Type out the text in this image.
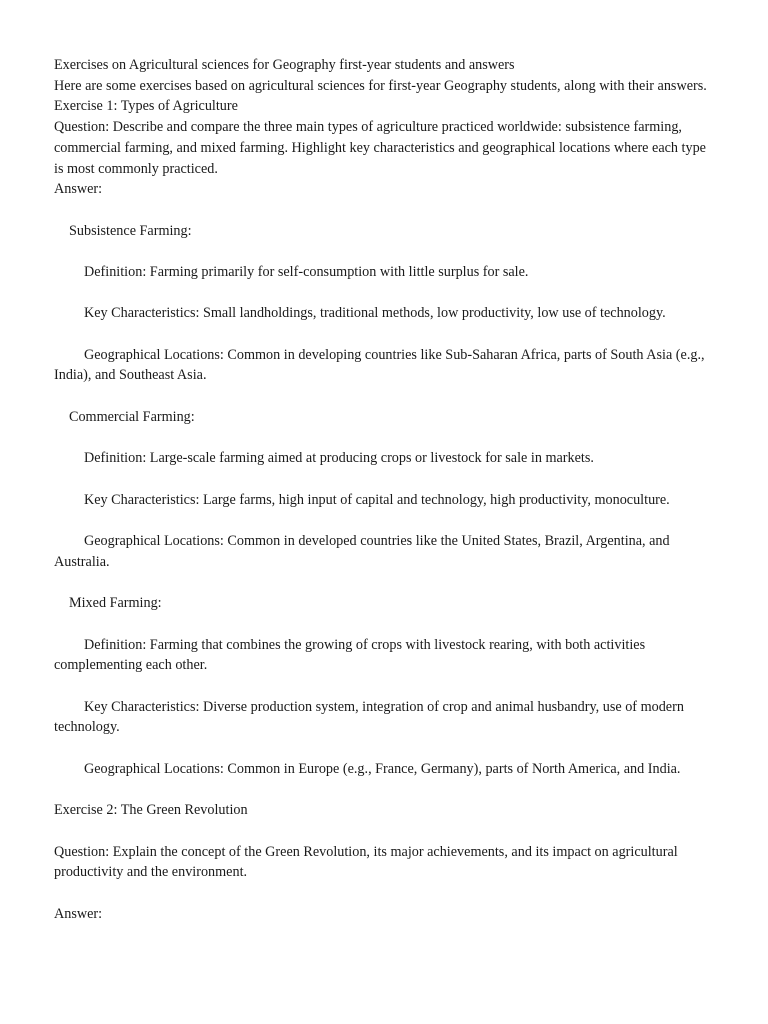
Exercises on Agricultural sciences for Geography first-year students and answers

Here are some exercises based on agricultural sciences for first-year Geography students, along with their answers.

Exercise 1: Types of Agriculture

Question: Describe and compare the three main types of agriculture practiced worldwide: subsistence farming, commercial farming, and mixed farming. Highlight key characteristics and geographical locations where each type is most commonly practiced.

Answer:

Subsistence Farming:

Definition: Farming primarily for self-consumption with little surplus for sale.

Key Characteristics: Small landholdings, traditional methods, low productivity, low use of technology.

Geographical Locations: Common in developing countries like Sub-Saharan Africa, parts of South Asia (e.g., India), and Southeast Asia.

Commercial Farming:

Definition: Large-scale farming aimed at producing crops or livestock for sale in markets.

Key Characteristics: Large farms, high input of capital and technology, high productivity, monoculture.

Geographical Locations: Common in developed countries like the United States, Brazil, Argentina, and Australia.

Mixed Farming:

Definition: Farming that combines the growing of crops with livestock rearing, with both activities complementing each other.

Key Characteristics: Diverse production system, integration of crop and animal husbandry, use of modern technology.

Geographical Locations: Common in Europe (e.g., France, Germany), parts of North America, and India.

Exercise 2: The Green Revolution

Question: Explain the concept of the Green Revolution, its major achievements, and its impact on agricultural productivity and the environment.

Answer:
